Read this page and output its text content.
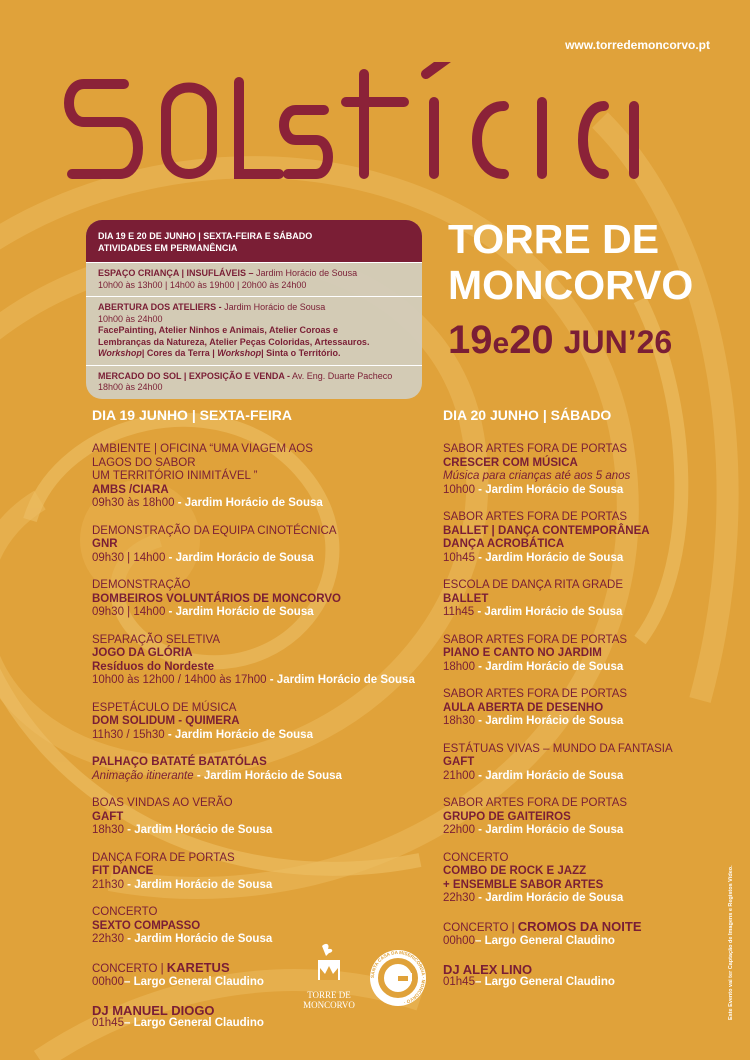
www.torredemoncorvo.pt
TORRE DE
MONCORVO
19e20 JUN’26
DIA 19 E 20 DE JUNHO | SEXTA-FEIRA E SÁBADO
ATIVIDADES EM PERMANÊNCIA
ESPAÇO CRIANÇA | INSUFLÁVEIS – Jardim Horácio de Sousa
10h00 às 13h00 | 14h00 às 19h00 | 20h00 às 24h00
ABERTURA DOS ATELIERS - Jardim Horácio de Sousa
10h00 às 24h00
FacePainting, Atelier Ninhos e Animais, Atelier Coroas e
Lembranças da Natureza, Atelier Peças Coloridas, Artessauros.
Workshop| Cores da Terra | Workshop| Sinta o Território.
MERCADO DO SOL | EXPOSIÇÃO E VENDA - Av. Eng. Duarte Pacheco
18h00 às 24h00
DIA 19 JUNHO | SEXTA-FEIRA
AMBIENTE | OFICINA “UMA VIAGEM AOS
LAGOS DO SABOR
UM TERRITÓRIO INIMITÁVEL ”
AMBS /CIARA
09h30 às 18h00 - Jardim Horácio de Sousa
DEMONSTRAÇÃO DA EQUIPA CINOTÉCNICA
GNR
09h30 | 14h00 - Jardim Horácio de Sousa
DEMONSTRAÇÃO
BOMBEIROS VOLUNTÁRIOS DE MONCORVO
09h30 | 14h00 - Jardim Horácio de Sousa
SEPARAÇÃO SELETIVA
JOGO DA GLÓRIA
Resíduos do Nordeste
10h00 às 12h00 / 14h00 às 17h00 - Jardim Horácio de Sousa
ESPETÁCULO DE MÚSICA
DOM SOLIDUM - QUIMERA
11h30 / 15h30 - Jardim Horácio de Sousa
PALHAÇO BATATÉ BATATÓLAS
Animação itinerante - Jardim Horácio de Sousa
BOAS VINDAS AO VERÃO
GAFT
18h30 - Jardim Horácio de Sousa
DANÇA FORA DE PORTAS
FIT DANCE
21h30 - Jardim Horácio de Sousa
CONCERTO
SEXTO COMPASSO
22h30 - Jardim Horácio de Sousa
CONCERTO | KARETUS
00h00– Largo General Claudino
DJ MANUEL DIOGO
01h45– Largo General Claudino
DIA 20 JUNHO | SÁBADO
SABOR ARTES FORA DE PORTAS
CRESCER COM MÚSICA
Música para crianças até aos 5 anos
10h00 - Jardim Horácio de Sousa
SABOR ARTES FORA DE PORTAS
BALLET | DANÇA CONTEMPORÂNEA
DANÇA ACROBÁTICA
10h45 - Jardim Horácio de Sousa
ESCOLA DE DANÇA RITA GRADE
BALLET
11h45 - Jardim Horácio de Sousa
SABOR ARTES FORA DE PORTAS
PIANO E CANTO NO JARDIM
18h00 - Jardim Horácio de Sousa
SABOR ARTES FORA DE PORTAS
AULA ABERTA DE DESENHO
18h30 - Jardim Horácio de Sousa
ESTÁTUAS VIVAS – MUNDO DA FANTASIA
GAFT
21h00 - Jardim Horácio de Sousa
SABOR ARTES FORA DE PORTAS
GRUPO DE GAITEIROS
22h00 - Jardim Horácio de Sousa
CONCERTO
COMBO DE ROCK E JAZZ
+ ENSEMBLE SABOR ARTES
22h30 - Jardim Horácio de Sousa
CONCERTO | CROMOS DA NOITE
00h00– Largo General Claudino
DJ ALEX LINO
01h45– Largo General Claudino
TORRE DE
MONCORVO
SANTA CASA DA MISERICÓRDIA · MONCORVO ·	Este Evento vai ter Captação de Imagens e Registos Vídeo.
